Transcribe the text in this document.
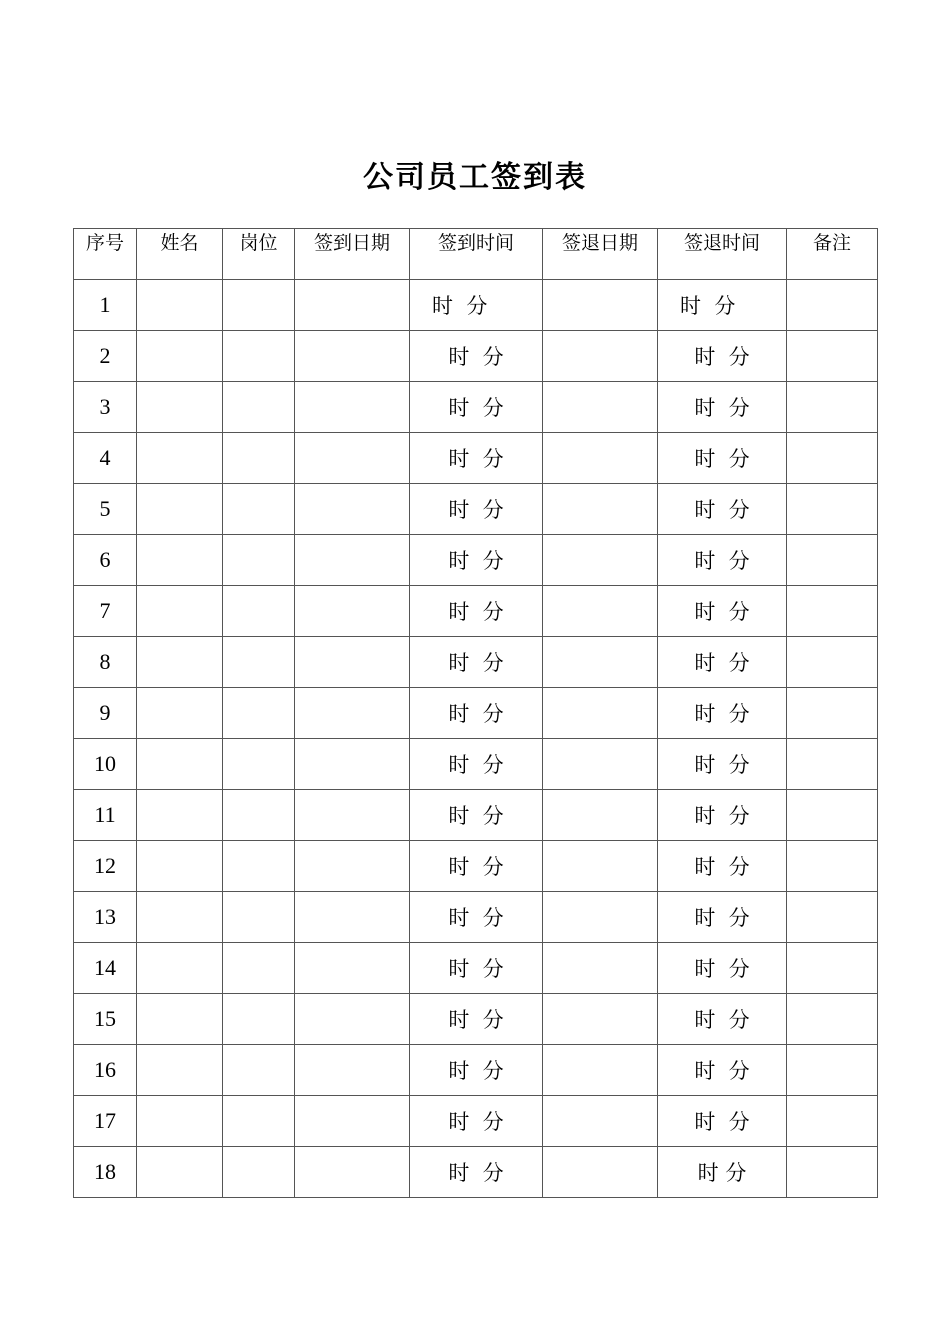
公司员工签到表
序号	姓名	岗位	签到日期	签到时间	签退日期	签退时间	备注
1				时  分		时  分	
2				时  分		时  分	
3				时  分		时  分	
4				时  分		时  分	
5				时  分		时  分	
6				时  分		时  分	
7				时  分		时  分	
8				时  分		时  分	
9				时  分		时  分	
10				时  分		时  分	
11				时  分		时  分	
12				时  分		时  分	
13				时  分		时  分	
14				时  分		时  分	
15				时  分		时  分	
16				时  分		时  分	
17				时  分		时  分	
18				时  分		时 分	
